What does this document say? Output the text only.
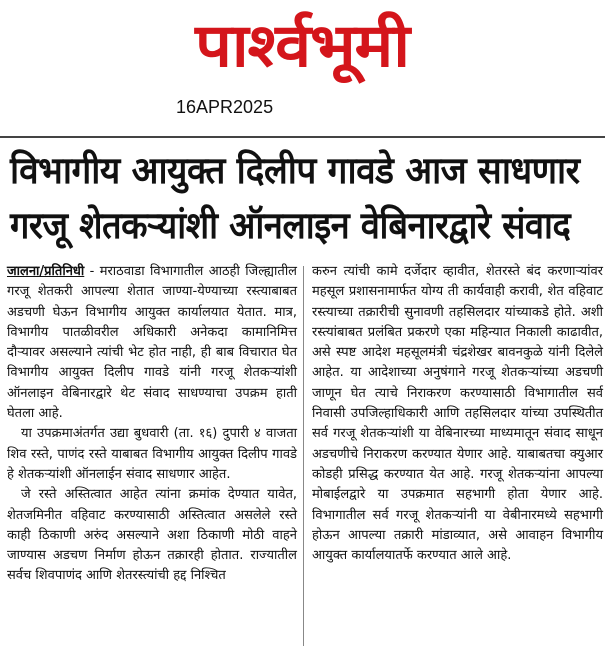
पार्श्वभूमी
16APR2025
विभागीय आयुक्त दिलीप गावडे आज साधणार
गरजू शेतकऱ्यांशी ऑनलाइन वेबिनारद्वारे संवाद

जालना/प्रतिनिधी - मराठवाडा विभागातील आठही जिल्ह्यातील गरजू शेतकरी आपल्या शेतात जाण्या-येण्याच्या रस्त्याबाबत अडचणी घेऊन विभागीय आयुक्त कार्यालयात येतात. मात्र, विभागीय पातळीवरील अधिकारी अनेकदा कामानिमित्त दौऱ्यावर असल्याने त्यांची भेट होत नाही, ही बाब विचारात घेत विभागीय आयुक्त दिलीप गावडे यांनी गरजू शेतकऱ्यांशी ऑनलाइन वेबिनारद्वारे थेट संवाद साधण्याचा उपक्रम हाती घेतला आहे.

या उपक्रमाअंतर्गत उद्या बुधवारी (ता. १६) दुपारी ४ वाजता शिव रस्ते, पाणंद रस्ते याबाबत विभागीय आयुक्त दिलीप गावडे हे शेतकऱ्यांशी ऑनलाईन संवाद साधणार आहेत.

जे रस्ते अस्तित्वात आहेत त्यांना क्रमांक देण्यात यावेत, शेतजमिनीत वहिवाट करण्यासाठी अस्तित्वात असलेले रस्ते काही ठिकाणी अरुंद असल्याने अशा ठिकाणी मोठी वाहने जाण्यास अडचण निर्माण होऊन तक्रारही होतात. राज्यातील सर्वच शिवपाणंद आणि शेतरस्त्यांची हद्द निश्चित

करुन त्यांची कामे दर्जेदार व्हावीत, शेतरस्ते बंद करणाऱ्यांवर महसूल प्रशासनामार्फत योग्य ती कार्यवाही करावी, शेत वहिवाट रस्त्याच्या तक्रारीची सुनावणी तहसिलदार यांच्याकडे होते. अशी रस्त्यांबाबत प्रलंबित प्रकरणे एका महिन्यात निकाली काढावीत, असे स्पष्ट आदेश महसूलमंत्री चंद्रशेखर बावनकुळे यांनी दिलेले आहेत. या आदेशाच्या अनुषंगाने गरजू शेतकऱ्यांच्या अडचणी जाणून घेत त्याचे निराकरण करण्यासाठी विभागातील सर्व निवासी उपजिल्हाधिकारी आणि तहसिलदार यांच्या उपस्थितीत सर्व गरजू शेतकऱ्यांशी या वेबिनारच्या माध्यमातून संवाद साधून अडचणीचे निराकरण करण्यात येणार आहे. याबाबतचा क्युआर कोडही प्रसिद्ध करण्यात येत आहे. गरजू शेतकऱ्यांना आपल्या मोबाईलद्वारे या उपक्रमात सहभागी होता येणार आहे. विभागातील सर्व गरजू शेतकऱ्यांनी या वेबीनारमध्ये सहभागी होऊन आपल्या तक्रारी मांडाव्यात, असे आवाहन विभागीय आयुक्त कार्यालयातर्फे करण्यात आले आहे.
